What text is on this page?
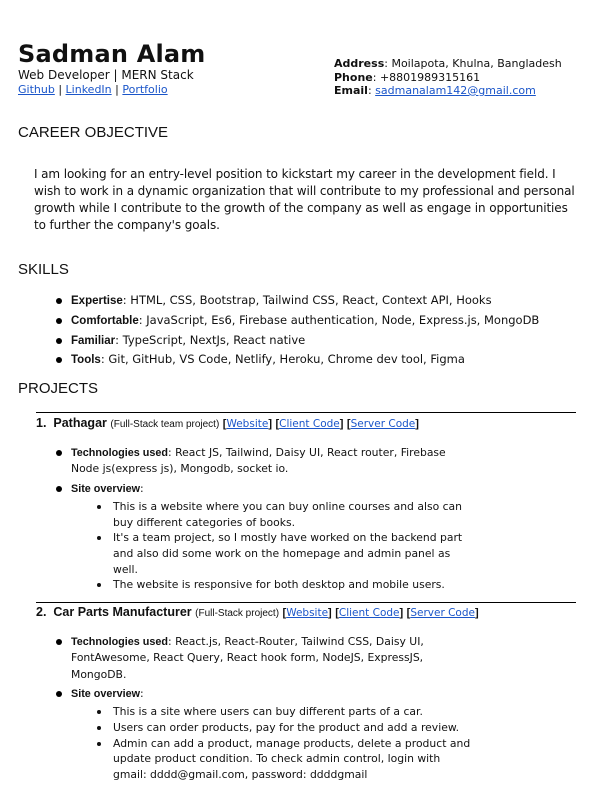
Sadman Alam
Web Developer | MERN Stack
Github | LinkedIn | Portfolio
Address: Moilapota, Khulna, Bangladesh
Phone: +8801989315161
Email: sadmanalam142@gmail.com
CAREER OBJECTIVE
I am looking for an entry-level position to kickstart my career in the development field. I wish to work in a dynamic organization that will contribute to my professional and personal growth while I contribute to the growth of the company as well as engage in opportunities to further the company's goals.
SKILLS
Expertise: HTML, CSS, Bootstrap, Tailwind CSS, React, Context API, Hooks
Comfortable: JavaScript, Es6, Firebase authentication, Node, Express.js, MongoDB
Familiar: TypeScript, NextJs, React native
Tools: Git, GitHub, VS Code, Netlify, Heroku, Chrome dev tool, Figma
PROJECTS
1. Pathagar (Full-Stack team project) [Website] [Client Code] [Server Code]
Technologies used: React JS, Tailwind, Daisy UI, React router, Firebase Node js(express js), Mongodb, socket io.
Site overview:
This is a website where you can buy online courses and also can buy different categories of books.
It's a team project, so I mostly have worked on the backend part and also did some work on the homepage and admin panel as well.
The website is responsive for both desktop and mobile users.
2. Car Parts Manufacturer (Full-Stack project) [Website] [Client Code] [Server Code]
Technologies used: React.js, React-Router, Tailwind CSS, Daisy UI, FontAwesome, React Query, React hook form, NodeJS, ExpressJS, MongoDB.
Site overview:
This is a site where users can buy different parts of a car.
Users can order products, pay for the product and add a review.
Admin can add a product, manage products, delete a product and update product condition. To check admin control, login with gmail: dddd@gmail.com, password: ddddgmail
